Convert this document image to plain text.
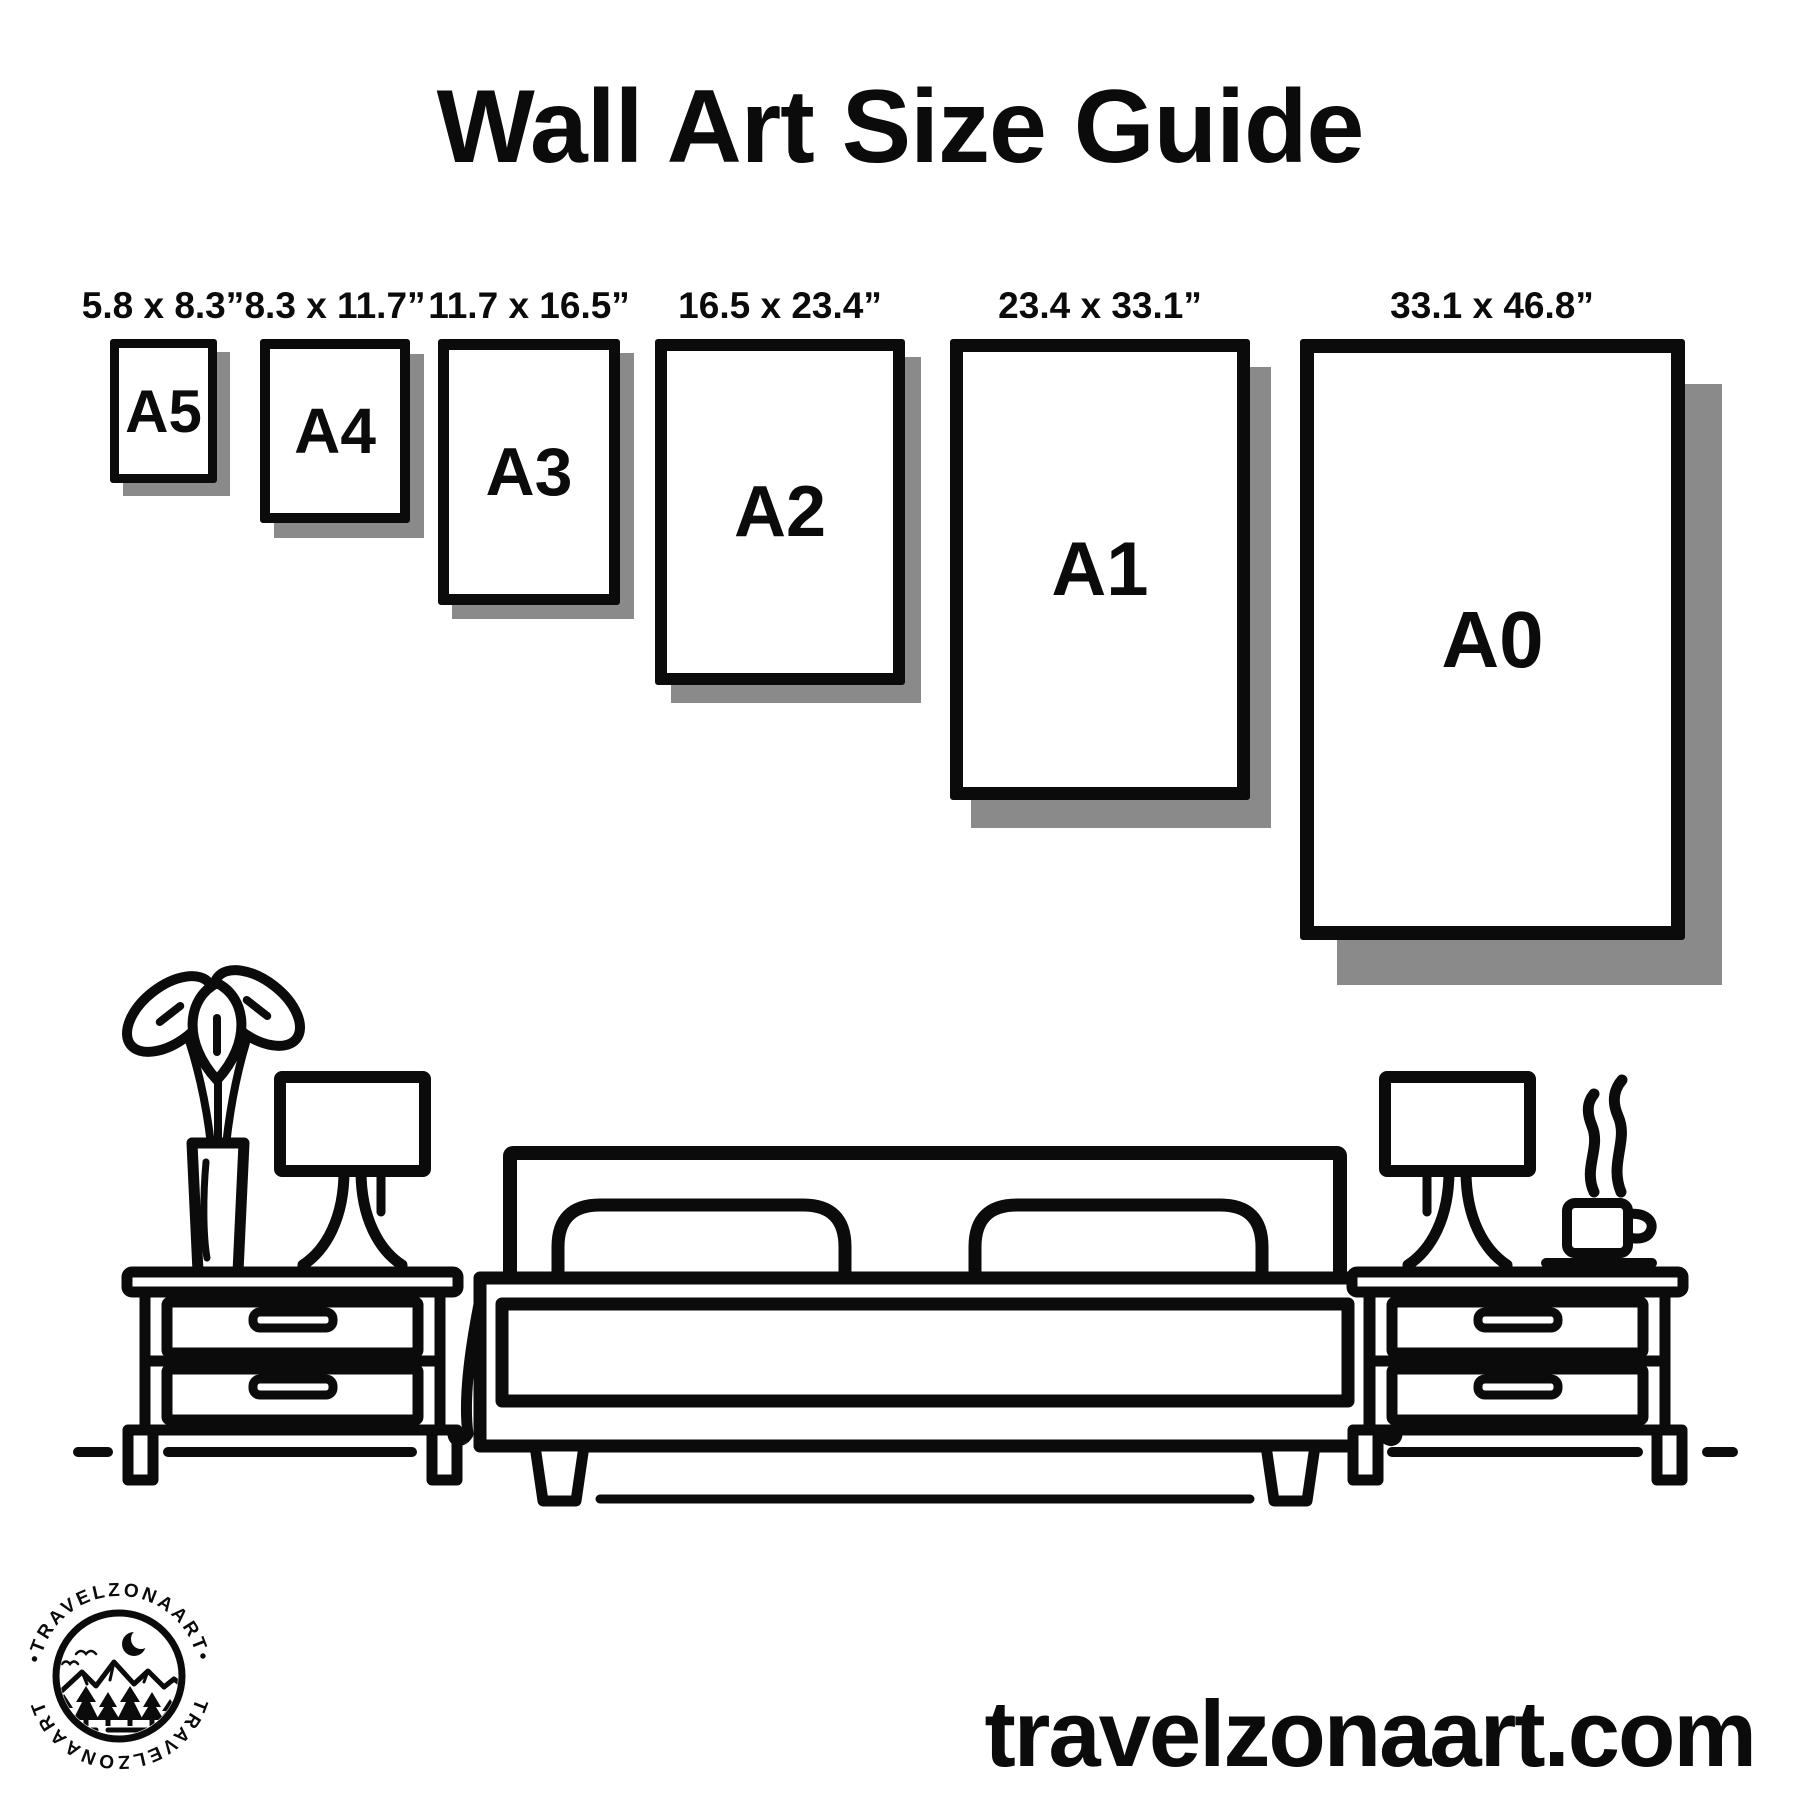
Wall Art Size Guide
5.8 x 8.3”
A5
8.3 x 11.7”
A4
11.7 x 16.5”
A3
16.5 x 23.4”
A2
23.4 x 33.1”
A1
33.1 x 46.8”
A0
•TRAVELZONAART•
TRAVELZONAART	travelzonaart.com
